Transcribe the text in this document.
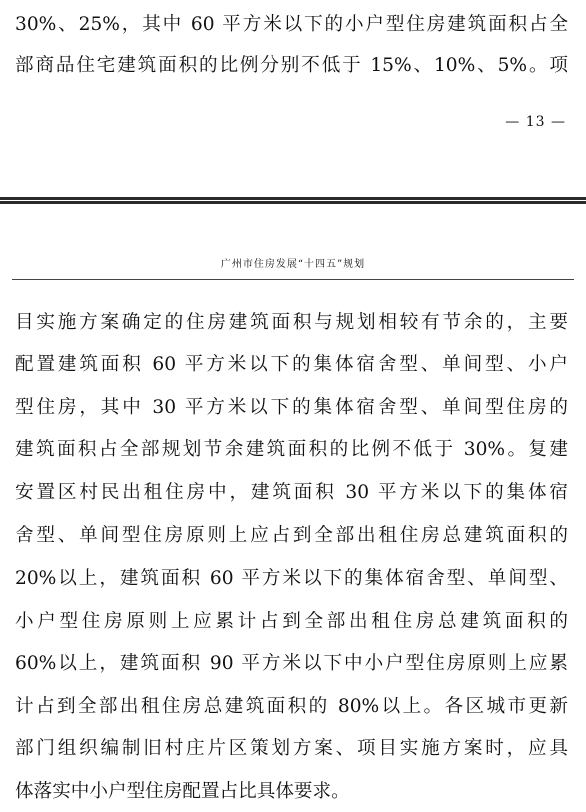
30%、25%，其中 60 平方米以下的小户型住房建筑面积占全
部商品住宅建筑面积的比例分别不低于 15%、10%、5%。项
— 13 —
广州市住房发展“十四五”规划
目实施方案确定的住房建筑面积与规划相较有节余的，主要
配置建筑面积 60 平方米以下的集体宿舍型、单间型、小户
型住房，其中 30 平方米以下的集体宿舍型、单间型住房的
建筑面积占全部规划节余建筑面积的比例不低于 30%。复建
安置区村民出租住房中，建筑面积 30 平方米以下的集体宿
舍型、单间型住房原则上应占到全部出租住房总建筑面积的
20%以上，建筑面积 60 平方米以下的集体宿舍型、单间型、
小户型住房原则上应累计占到全部出租住房总建筑面积的
60%以上，建筑面积 90 平方米以下中小户型住房原则上应累
计占到全部出租住房总建筑面积的 80%以上。各区城市更新
部门组织编制旧村庄片区策划方案、项目实施方案时，应具
体落实中小户型住房配置占比具体要求。
